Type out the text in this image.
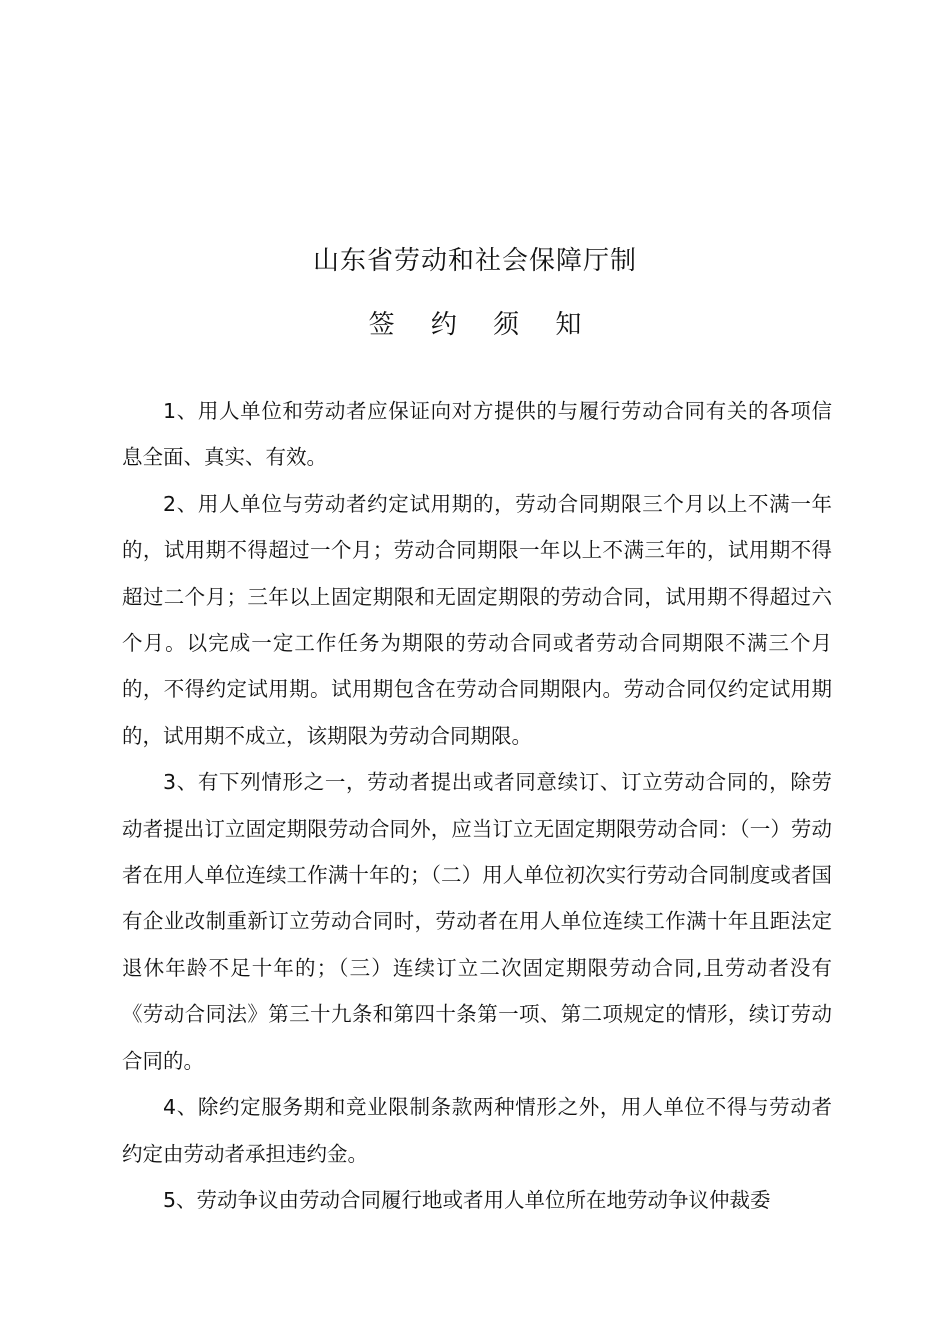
山东省劳动和社会保障厅制
签 约 须 知

1、用人单位和劳动者应保证向对方提供的与履行劳动合同有关的各项信息全面、真实、有效。

2、用人单位与劳动者约定试用期的，劳动合同期限三个月以上不满一年的，试用期不得超过一个月；劳动合同期限一年以上不满三年的，试用期不得超过二个月；三年以上固定期限和无固定期限的劳动合同，试用期不得超过六个月。以完成一定工作任务为期限的劳动合同或者劳动合同期限不满三个月的，不得约定试用期。试用期包含在劳动合同期限内。劳动合同仅约定试用期的，试用期不成立，该期限为劳动合同期限。

3、有下列情形之一，劳动者提出或者同意续订、订立劳动合同的，除劳动者提出订立固定期限劳动合同外，应当订立无固定期限劳动合同：（一）劳动者在用人单位连续工作满十年的；（二）用人单位初次实行劳动合同制度或者国有企业改制重新订立劳动合同时，劳动者在用人单位连续工作满十年且距法定退休年龄不足十年的；（三）连续订立二次固定期限劳动合同,且劳动者没有《劳动合同法》第三十九条和第四十条第一项、第二项规定的情形，续订劳动合同的。

4、除约定服务期和竞业限制条款两种情形之外，用人单位不得与劳动者约定由劳动者承担违约金。

5、劳动争议由劳动合同履行地或者用人单位所在地劳动争议仲裁委
